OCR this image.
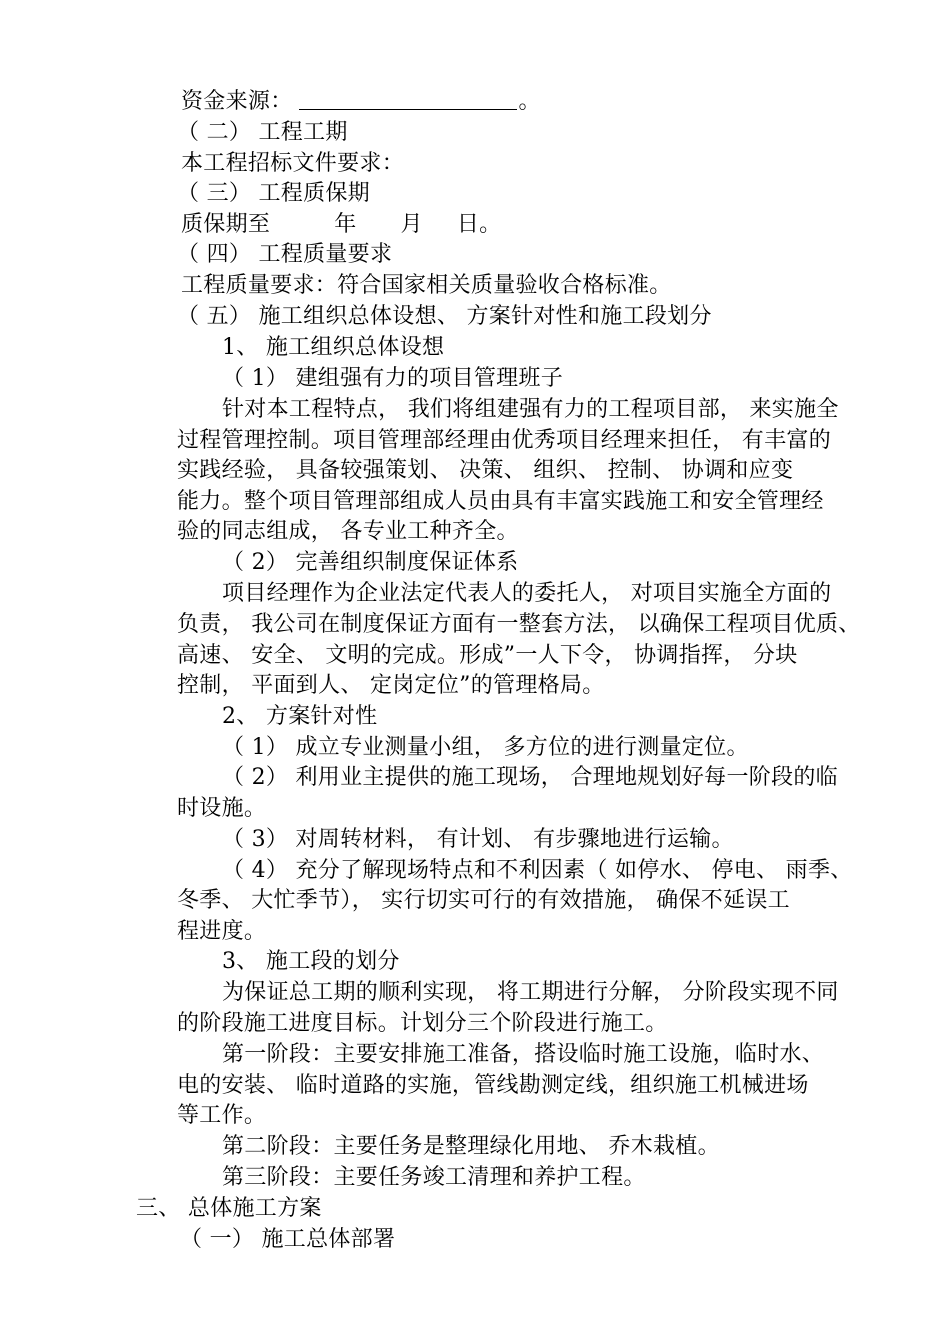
资金来源：	。

（ 二） 工程工期

本工程招标文件要求：

（ 三） 工程质保期

质保期至	年 月 日。

（ 四） 工程质量要求

工程质量要求：符合国家相关质量验收合格标准。

（ 五） 施工组织总体设想、 方案针对性和施工段划分

1、 施工组织总体设想

（ 1） 建组强有力的项目管理班子

针对本工程特点， 我们将组建强有力的工程项目部， 来实施全

过程管理控制。项目管理部经理由优秀项目经理来担任， 有丰富的

实践经验， 具备较强策划、 决策、 组织、 控制、 协调和应变

能力。整个项目管理部组成人员由具有丰富实践施工和安全管理经

验的同志组成， 各专业工种齐全。

（ 2） 完善组织制度保证体系

项目经理作为企业法定代表人的委托人， 对项目实施全方面的

负责， 我公司在制度保证方面有一整套方法， 以确保工程项目优质、

高速、 安全、 文明的完成。形成”一人下令， 协调指挥， 分块

控制， 平面到人、 定岗定位”的管理格局。

2、 方案针对性

（ 1） 成立专业测量小组， 多方位的进行测量定位。

（ 2） 利用业主提供的施工现场， 合理地规划好每一阶段的临

时设施。

（ 3） 对周转材料， 有计划、 有步骤地进行运输。

（ 4） 充分了解现场特点和不利因素（ 如停水、 停电、 雨季、

冬季、 大忙季节）， 实行切实可行的有效措施， 确保不延误工

程进度。

3、 施工段的划分

为保证总工期的顺利实现， 将工期进行分解， 分阶段实现不同

的阶段施工进度目标。计划分三个阶段进行施工。

第一阶段：主要安排施工准备，搭设临时施工设施，临时水、

电的安装、 临时道路的实施，管线勘测定线，组织施工机械进场

等工作。

第二阶段：主要任务是整理绿化用地、 乔木栽植。

第三阶段：主要任务竣工清理和养护工程。

三、 总体施工方案

（ 一） 施工总体部署
